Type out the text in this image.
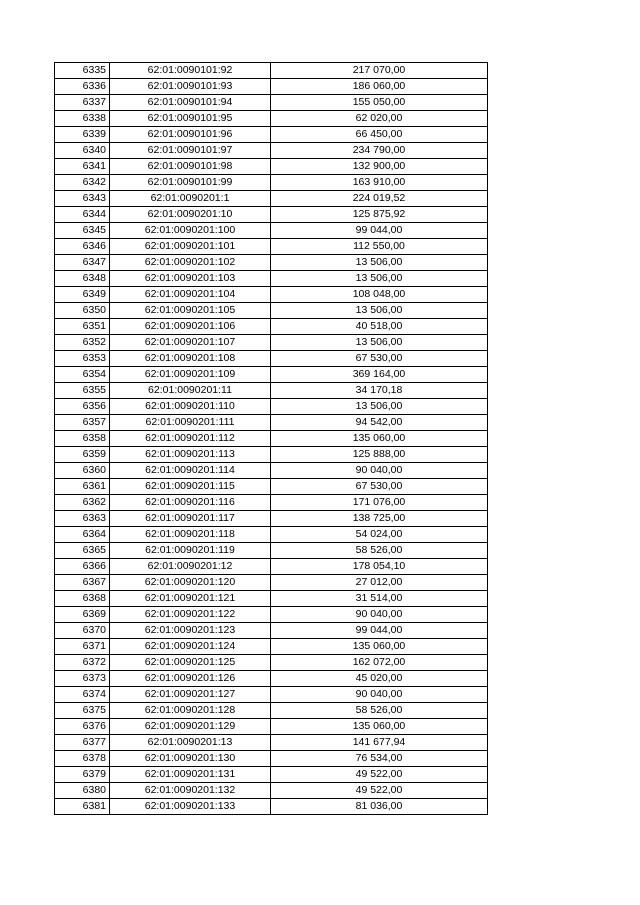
6335	62:01:0090101:92	217 070,00
6336	62:01:0090101:93	186 060,00
6337	62:01:0090101:94	155 050,00
6338	62:01:0090101:95	62 020,00
6339	62:01:0090101:96	66 450,00
6340	62:01:0090101:97	234 790,00
6341	62:01:0090101:98	132 900,00
6342	62:01:0090101:99	163 910,00
6343	62:01:0090201:1	224 019,52
6344	62:01:0090201:10	125 875,92
6345	62:01:0090201:100	99 044,00
6346	62:01:0090201:101	112 550,00
6347	62:01:0090201:102	13 506,00
6348	62:01:0090201:103	13 506,00
6349	62:01:0090201:104	108 048,00
6350	62:01:0090201:105	13 506,00
6351	62:01:0090201:106	40 518,00
6352	62:01:0090201:107	13 506,00
6353	62:01:0090201:108	67 530,00
6354	62:01:0090201:109	369 164,00
6355	62:01:0090201:11	34 170,18
6356	62:01:0090201:110	13 506,00
6357	62:01:0090201:111	94 542,00
6358	62:01:0090201:112	135 060,00
6359	62:01:0090201:113	125 888,00
6360	62:01:0090201:114	90 040,00
6361	62:01:0090201:115	67 530,00
6362	62:01:0090201:116	171 076,00
6363	62:01:0090201:117	138 725,00
6364	62:01:0090201:118	54 024,00
6365	62:01:0090201:119	58 526,00
6366	62:01:0090201:12	178 054,10
6367	62:01:0090201:120	27 012,00
6368	62:01:0090201:121	31 514,00
6369	62:01:0090201:122	90 040,00
6370	62:01:0090201:123	99 044,00
6371	62:01:0090201:124	135 060,00
6372	62:01:0090201:125	162 072,00
6373	62:01:0090201:126	45 020,00
6374	62:01:0090201:127	90 040,00
6375	62:01:0090201:128	58 526,00
6376	62:01:0090201:129	135 060,00
6377	62:01:0090201:13	141 677,94
6378	62:01:0090201:130	76 534,00
6379	62:01:0090201:131	49 522,00
6380	62:01:0090201:132	49 522,00
6381	62:01:0090201:133	81 036,00
